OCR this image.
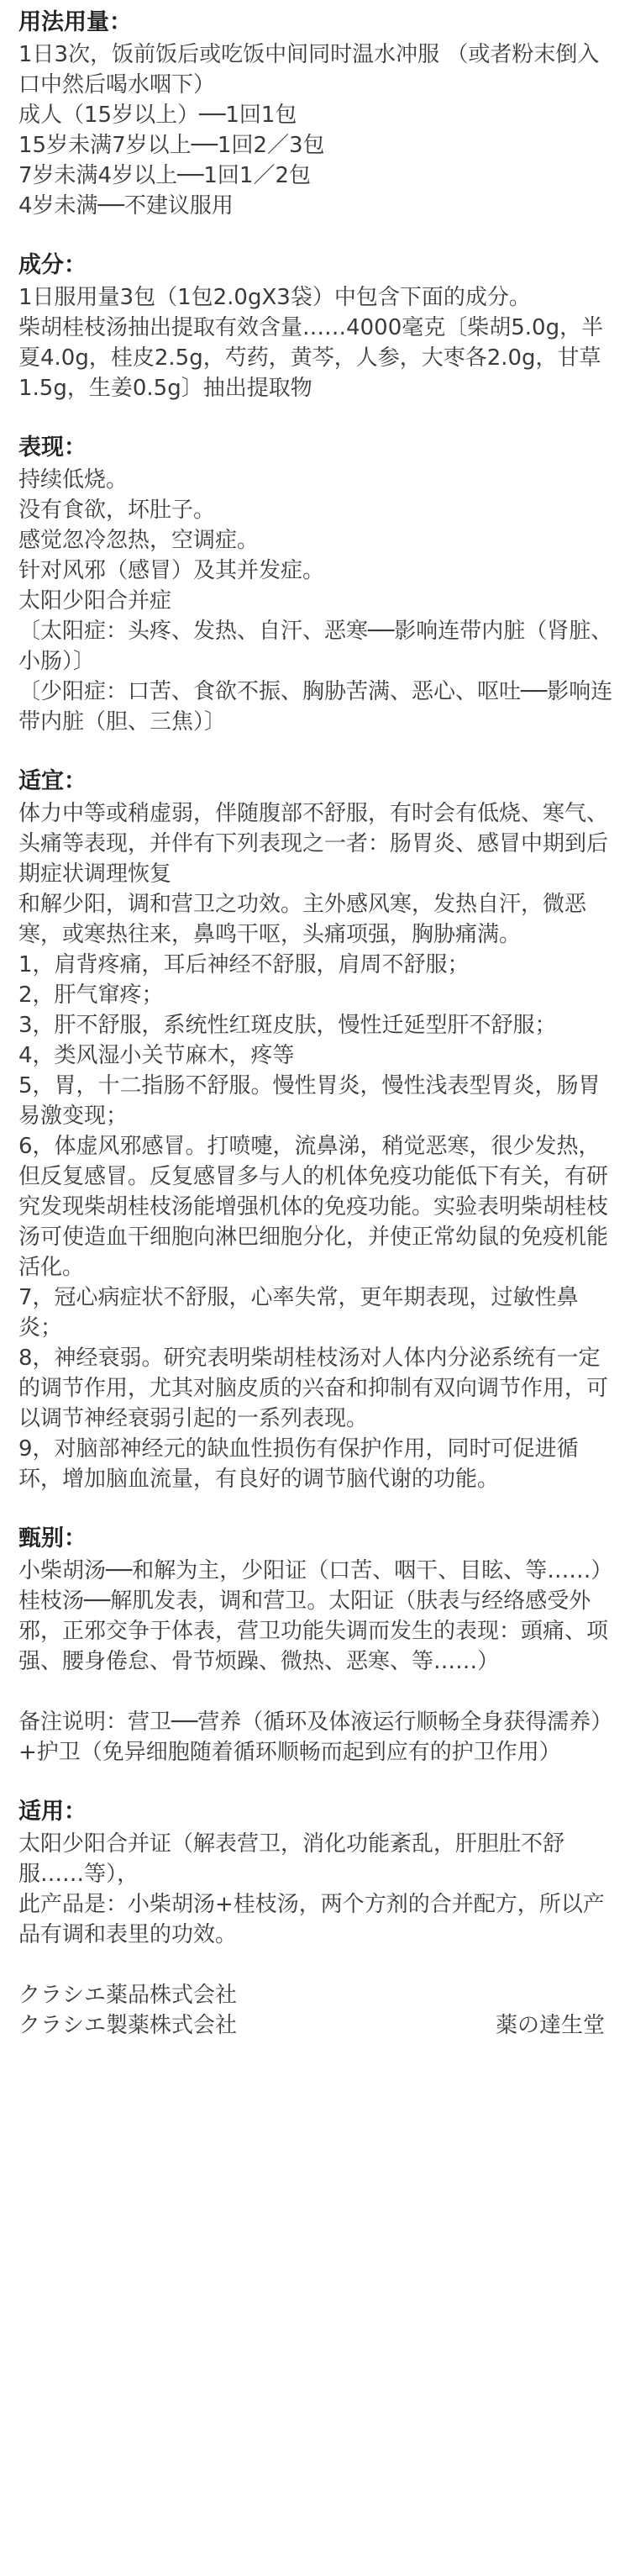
用法用量：
1日3次，饭前饭后或吃饭中间同时温水冲服 （或者粉末倒入口中然后喝水咽下）
成人（15岁以上）──1回1包
15岁未满7岁以上──1回2／3包
7岁未满4岁以上──1回1／2包
4岁未满──不建议服用
成分：
1日服用量3包（1包2.0gX3袋）中包含下面的成分。
柴胡桂枝汤抽出提取有效含量‥‥‥4000毫克〔柴胡5.0g，半夏4.0g，桂皮2.5g，芍药，黄芩，人参，大枣各2.0g，甘草1.5g，生姜0.5g〕抽出提取物
表现：
持续低烧。
没有食欲，坏肚子。
感觉忽冷忽热，空调症。
针对风邪（感冒）及其并发症。
太阳少阳合并症
〔太阳症：头疼、发热、自汗、恶寒──影响连带内脏（肾脏、小肠）〕
〔少阳症：口苦、食欲不振、胸胁苦满、恶心、呕吐──影响连带内脏（胆、三焦）〕
适宜：
体力中等或稍虚弱，伴随腹部不舒服，有时会有低烧、寒气、头痛等表现，并伴有下列表现之一者：肠胃炎、感冒中期到后期症状调理恢复
和解少阳，调和营卫之功效。主外感风寒，发热自汗，微恶寒，或寒热往来，鼻鸣干呕，头痛项强，胸胁痛满。
1，肩背疼痛，耳后神经不舒服，肩周不舒服；
2，肝气窜疼；
3，肝不舒服，系统性红斑皮肤，慢性迁延型肝不舒服；
4，类风湿小关节麻木，疼等
5，胃，十二指肠不舒服。慢性胃炎，慢性浅表型胃炎，肠胃易激变现；
6，体虚风邪感冒。打喷嚏，流鼻涕，稍觉恶寒，很少发热，但反复感冒。反复感冒多与人的机体免疫功能低下有关，有研究发现柴胡桂枝汤能增强机体的免疫功能。实验表明柴胡桂枝汤可使造血干细胞向淋巴细胞分化，并使正常幼鼠的免疫机能活化。
7，冠心病症状不舒服，心率失常，更年期表现，过敏性鼻炎；
8，神经衰弱。研究表明柴胡桂枝汤对人体内分泌系统有一定的调节作用，尤其对脑皮质的兴奋和抑制有双向调节作用，可以调节神经衰弱引起的一系列表现。
9，对脑部神经元的缺血性损伤有保护作用，同时可促进循环，增加脑血流量，有良好的调节脑代谢的功能。
甄别：
小柴胡汤──和解为主，少阳证（口苦、咽干、目眩、等‥‥‥）
桂枝汤──解肌发表，调和营卫。太阳证（肤表与经络感受外邪，正邪交争于体表，营卫功能失调而发生的表现：頭痛、项强、腰身倦怠、骨节烦躁、微热、恶寒、等‥‥‥）
备注说明：营卫──营养（循环及体液运行顺畅全身获得濡养）+护卫（免异细胞随着循环顺畅而起到应有的护卫作用）
适用：
太阳少阳合并证（解表营卫，消化功能紊乱，肝胆肚不舒服‥‥‥等），
此产品是：小柴胡汤+桂枝汤，两个方剂的合并配方，所以产品有调和表里的功效。
クラシエ薬品株式会社
クラシエ製薬株式会社	薬の達生堂
